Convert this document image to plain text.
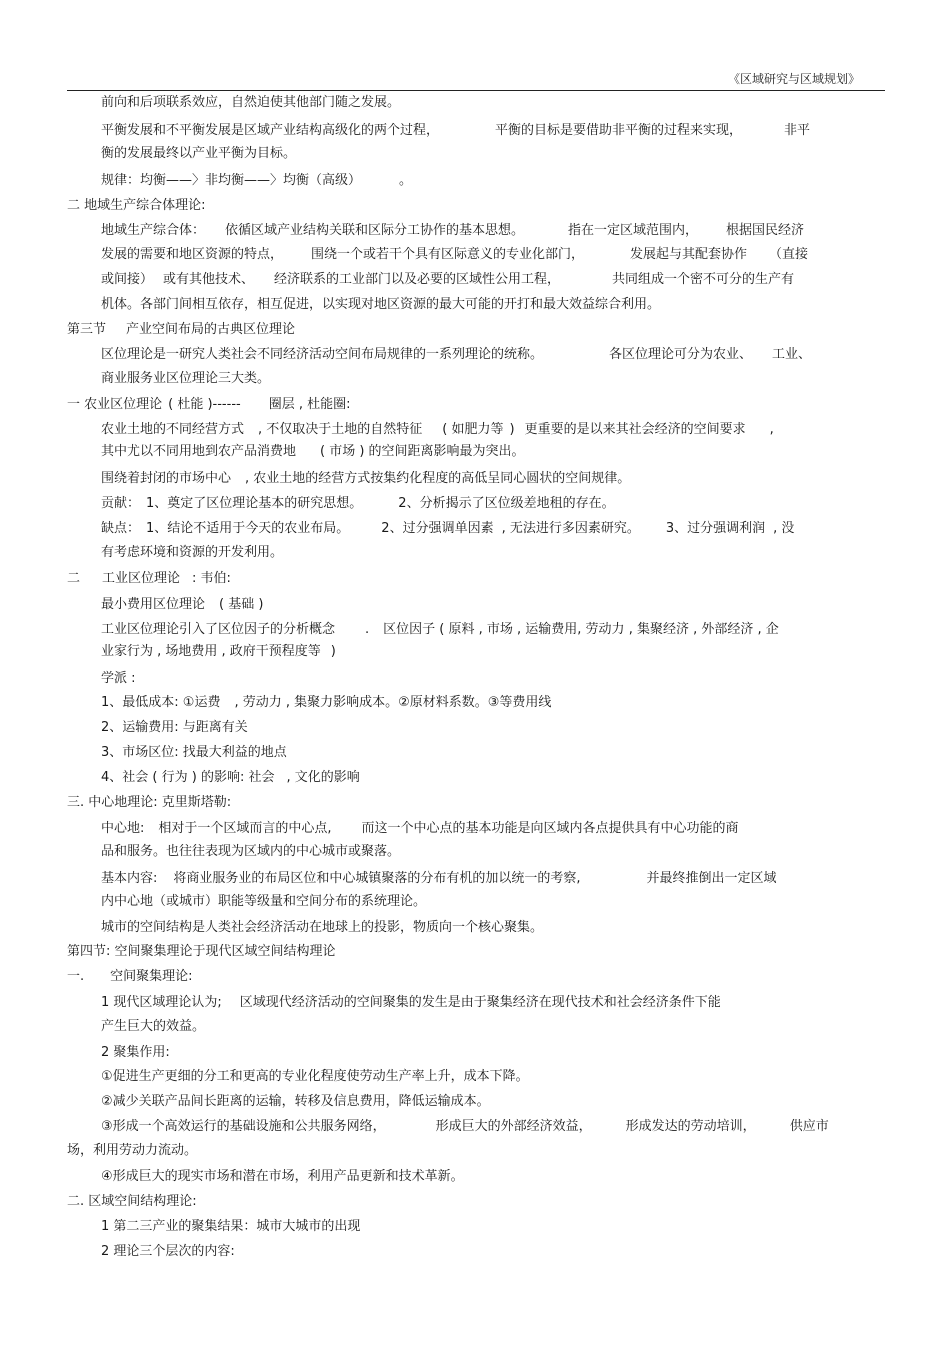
《区域研究与区域规划》
前向和后项联系效应，自然迫使其他部门随之发展。
平衡发展和不平衡发展是区域产业结构高级化的两个过程，	平衡的目标是要借助非平衡的过程来实现，	非平
衡的发展最终以产业平衡为目标。
规律：均衡——〉非均衡——〉均衡（高级）	。
二 地域生产综合体理论:
地域生产综合体： 依循区域产业结构关联和区际分工协作的基本思想。	指在一定区域范围内， 根据国民经济
发展的需要和地区资源的特点， 围绕一个或若干个具有区际意义的专业化部门，	发展起与其配套协作 （直接
或间接） 或有其他技术、 经济联系的工业部门以及必要的区域性公用工程，	共同组成一个密不可分的生产有
机体。各部门间相互依存，相互促进，以实现对地区资源的最大可能的开打和最大效益综合利用。
第三节 产业空间布局的古典区位理论
区位理论是一研究人类社会不同经济活动空间布局规律的一系列理论的统称。	各区位理论可分为农业、 工业、
商业服务业区位理论三大类。
一 农业区位理论 ( 杜能 )------ 圈层 , 杜能圈:
农业土地的不同经营方式 , 不仅取决于土地的自然特征 ( 如肥力等 ) 更重要的是以来其社会经济的空间要求 ,
其中尤以不同用地到农产品消费地 ( 市场 ) 的空间距离影响最为突出。
围绕着封闭的市场中心 , 农业土地的经营方式按集约化程度的高低呈同心圆状的空间规律。
贡献： 1、奠定了区位理论基本的研究思想。	2、分析揭示了区位级差地租的存在。
缺点： 1、结论不适用于今天的农业布局。 2、过分强调单因素 , 无法进行多因素研究。 3、过分强调利润 , 没
有考虑环境和资源的开发利用。
二 工业区位理论 : 韦伯:
最小费用区位理论 ( 基础 )
工业区位理论引入了区位因子的分析概念 . 区位因子 ( 原料 , 市场 , 运输费用, 劳动力 , 集聚经济 , 外部经济 , 企
业家行为 , 场地费用 , 政府干预程度等 )
学派 :
1、最低成本: ①运费 , 劳动力 , 集聚力影响成本。②原材料系数。③等费用线
2、运输费用: 与距离有关
3、市场区位: 找最大利益的地点
4、社会 ( 行为 ) 的影响: 社会 , 文化的影响
三. 中心地理论: 克里斯塔勒:
中心地: 相对于一个区域而言的中心点, 而这一个中心点的基本功能是向区域内各点提供具有中心功能的商
品和服务。也往往表现为区域内的中心城市或聚落。
基本内容: 将商业服务业的布局区位和中心城镇聚落的分布有机的加以统一的考察,	并最终推倒出一定区域
内中心地（或城市）职能等级量和空间分布的系统理论。
城市的空间结构是人类社会经济活动在地球上的投影，物质向一个核心聚集。
第四节: 空间聚集理论于现代区域空间结构理论
一. 空间聚集理论:
1 现代区域理论认为; 区域现代经济活动的空间聚集的发生是由于聚集经济在现代技术和社会经济条件下能
产生巨大的效益。
2 聚集作用:
①促进生产更细的分工和更高的专业化程度使劳动生产率上升，成本下降。
②减少关联产品间长距离的运输，转移及信息费用，降低运输成本。
③形成一个高效运行的基础设施和公共服务网络，	形成巨大的外部经济效益，	形成发达的劳动培训，	供应市
场，利用劳动力流动。
④形成巨大的现实市场和潜在市场，利用产品更新和技术革新。
二. 区域空间结构理论:
1 第二三产业的聚集结果：城市大城市的出现
2 理论三个层次的内容:
